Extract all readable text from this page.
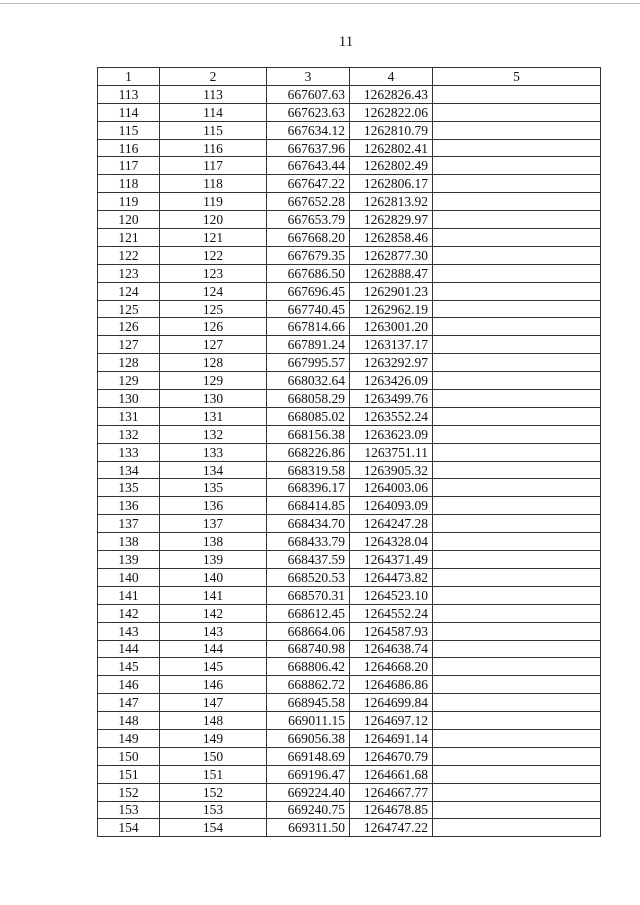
11
1	2	3	4	5
113	113	667607.63	1262826.43	
114	114	667623.63	1262822.06	
115	115	667634.12	1262810.79	
116	116	667637.96	1262802.41	
117	117	667643.44	1262802.49	
118	118	667647.22	1262806.17	
119	119	667652.28	1262813.92	
120	120	667653.79	1262829.97	
121	121	667668.20	1262858.46	
122	122	667679.35	1262877.30	
123	123	667686.50	1262888.47	
124	124	667696.45	1262901.23	
125	125	667740.45	1262962.19	
126	126	667814.66	1263001.20	
127	127	667891.24	1263137.17	
128	128	667995.57	1263292.97	
129	129	668032.64	1263426.09	
130	130	668058.29	1263499.76	
131	131	668085.02	1263552.24	
132	132	668156.38	1263623.09	
133	133	668226.86	1263751.11	
134	134	668319.58	1263905.32	
135	135	668396.17	1264003.06	
136	136	668414.85	1264093.09	
137	137	668434.70	1264247.28	
138	138	668433.79	1264328.04	
139	139	668437.59	1264371.49	
140	140	668520.53	1264473.82	
141	141	668570.31	1264523.10	
142	142	668612.45	1264552.24	
143	143	668664.06	1264587.93	
144	144	668740.98	1264638.74	
145	145	668806.42	1264668.20	
146	146	668862.72	1264686.86	
147	147	668945.58	1264699.84	
148	148	669011.15	1264697.12	
149	149	669056.38	1264691.14	
150	150	669148.69	1264670.79	
151	151	669196.47	1264661.68	
152	152	669224.40	1264667.77	
153	153	669240.75	1264678.85	
154	154	669311.50	1264747.22	
